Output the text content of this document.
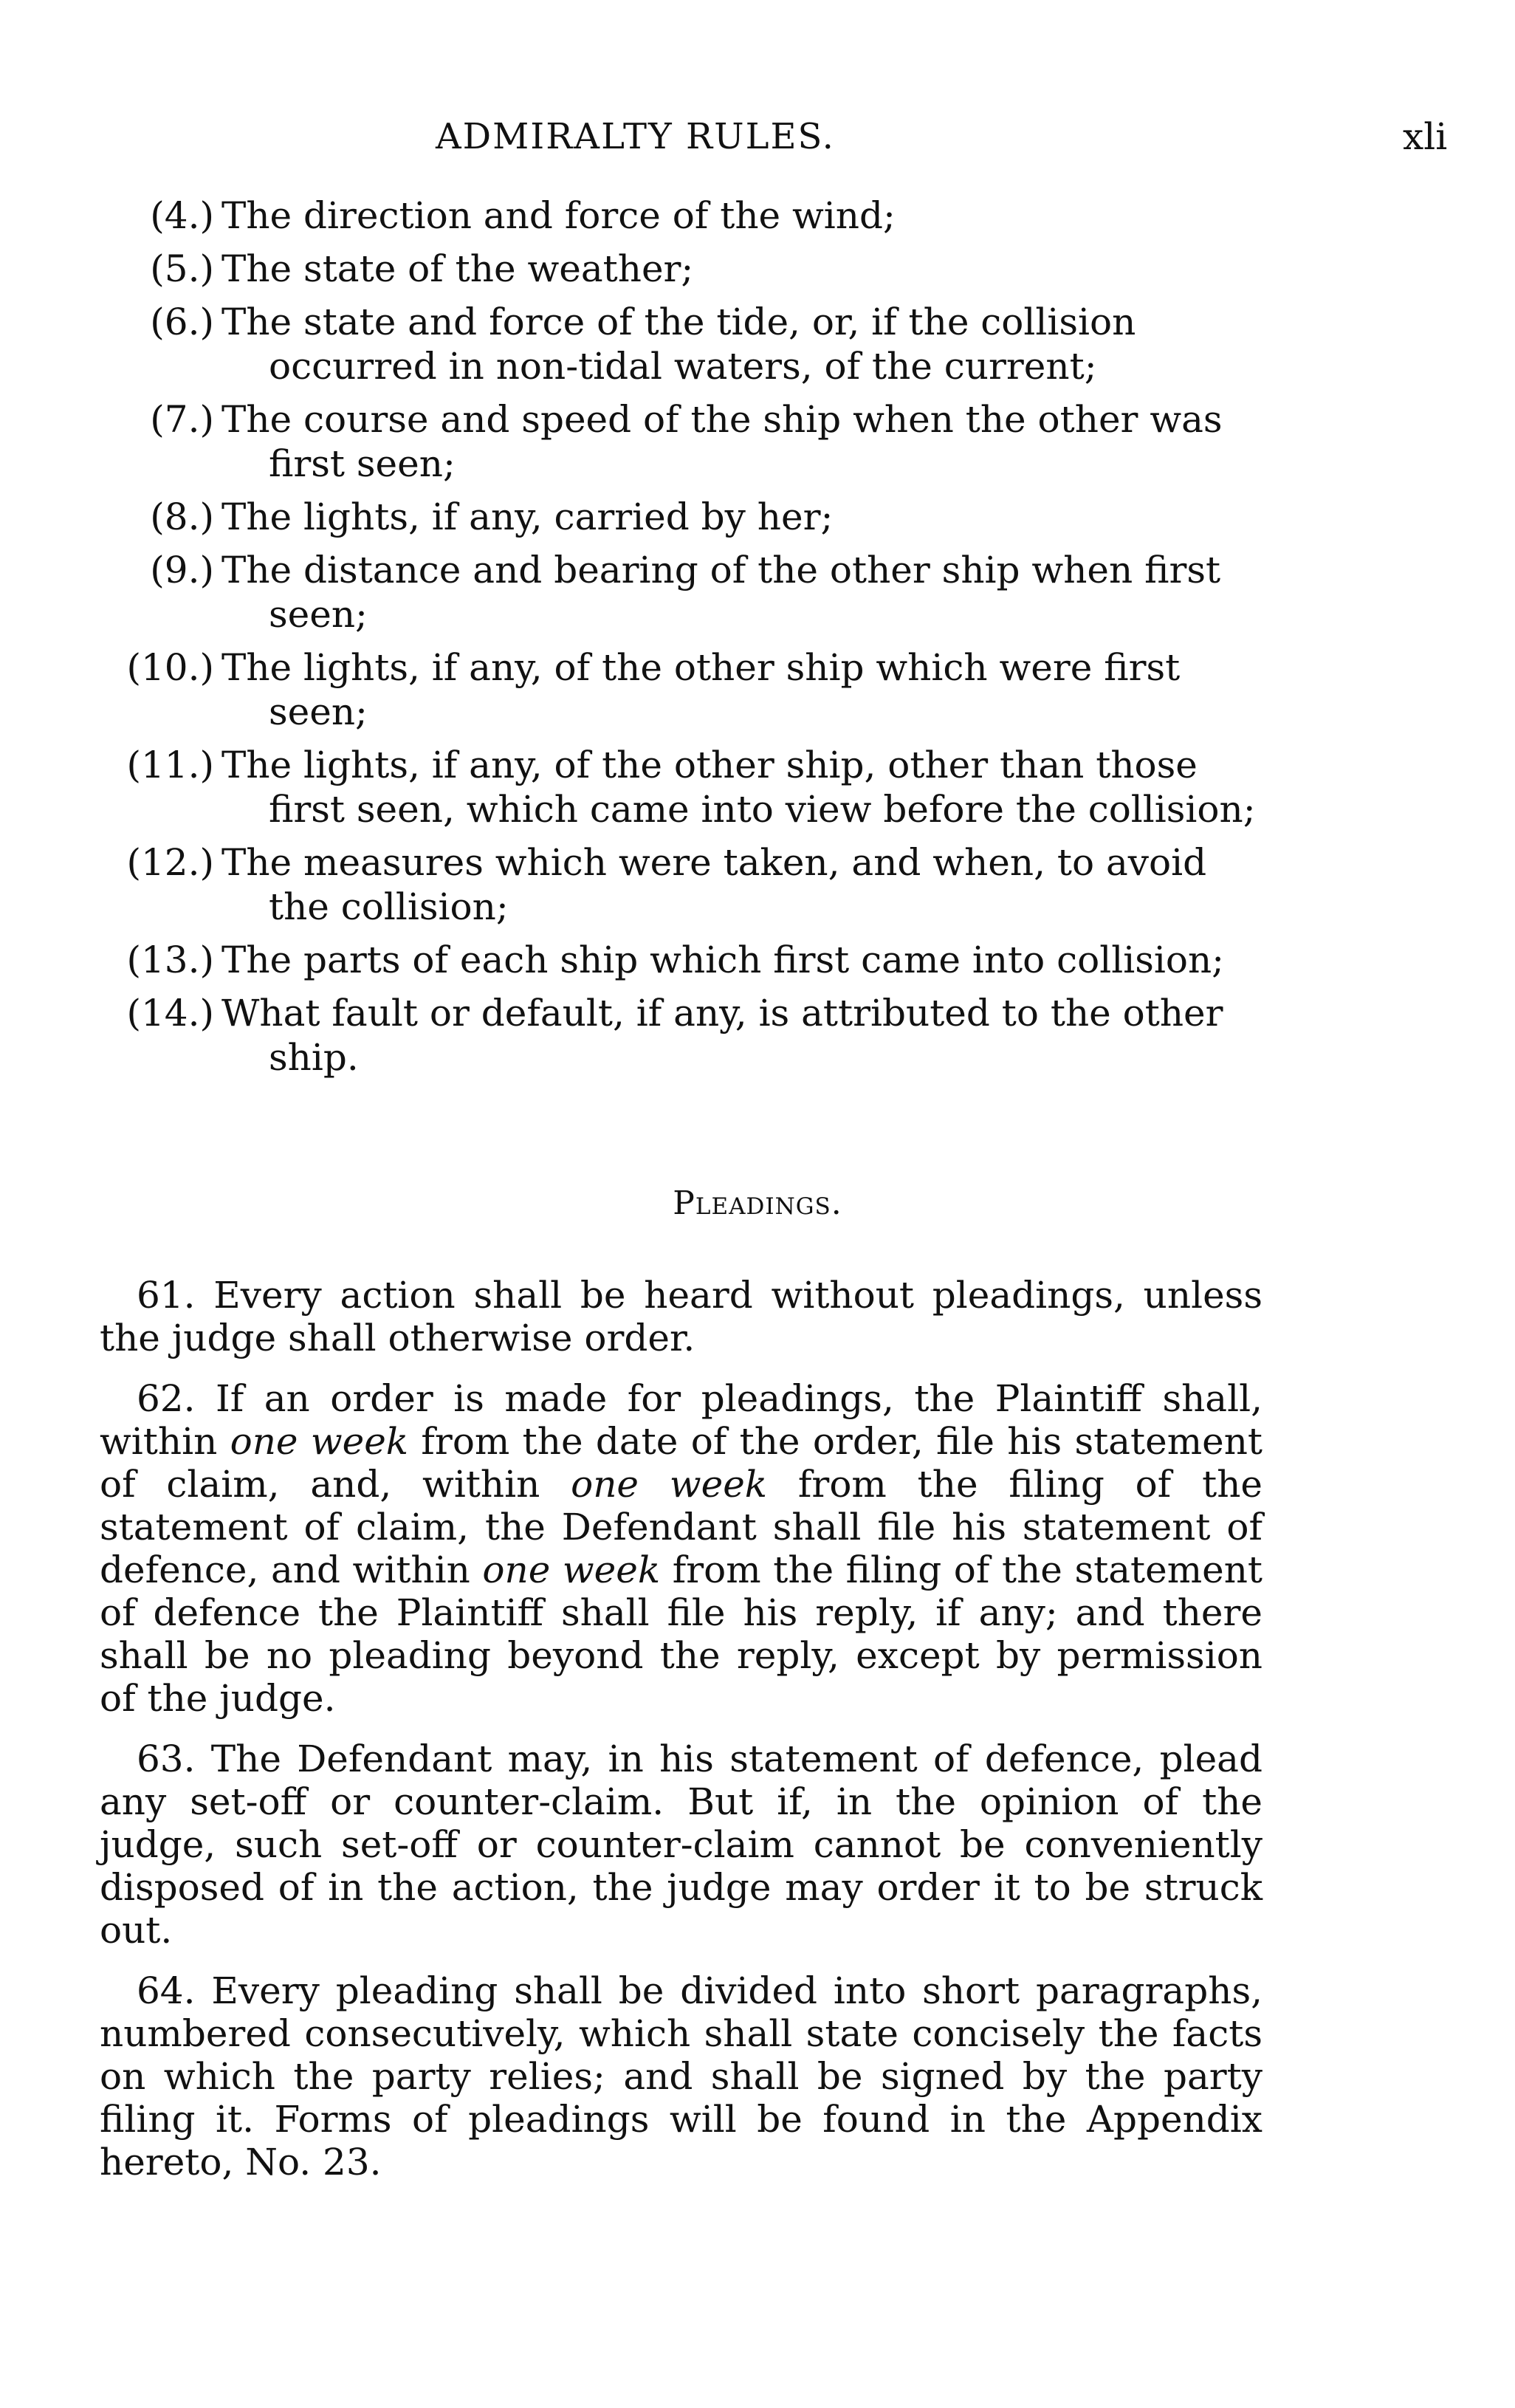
ADMIRALTY RULES.	xli
(4.) The direction and force of the wind;
(5.) The state of the weather;
(6.) The state and force of the tide, or, if the collision occurred in non-tidal waters, of the current;
(7.) The course and speed of the ship when the other was first seen;
(8.) The lights, if any, carried by her;
(9.) The distance and bearing of the other ship when first seen;
(10.) The lights, if any, of the other ship which were first seen;
(11.) The lights, if any, of the other ship, other than those first seen, which came into view before the collision;
(12.) The measures which were taken, and when, to avoid the collision;
(13.) The parts of each ship which first came into collision;
(14.) What fault or default, if any, is attributed to the other ship.
Pleadings.

61. Every action shall be heard without pleadings, unless the judge shall otherwise order.

62. If an order is made for pleadings, the Plaintiff shall, within one week from the date of the order, file his statement of claim, and, within one week from the filing of the statement of claim, the Defendant shall file his statement of defence, and within one week from the filing of the statement of defence the Plaintiff shall file his reply, if any; and there shall be no pleading beyond the reply, except by permission of the judge.

63. The Defendant may, in his statement of defence, plead any set-off or counter-claim. But if, in the opinion of the judge, such set-off or counter-claim cannot be conveniently disposed of in the action, the judge may order it to be struck out.

64. Every pleading shall be divided into short paragraphs, numbered consecutively, which shall state concisely the facts on which the party relies; and shall be signed by the party filing it. Forms of pleadings will be found in the Appendix hereto, No. 23.
